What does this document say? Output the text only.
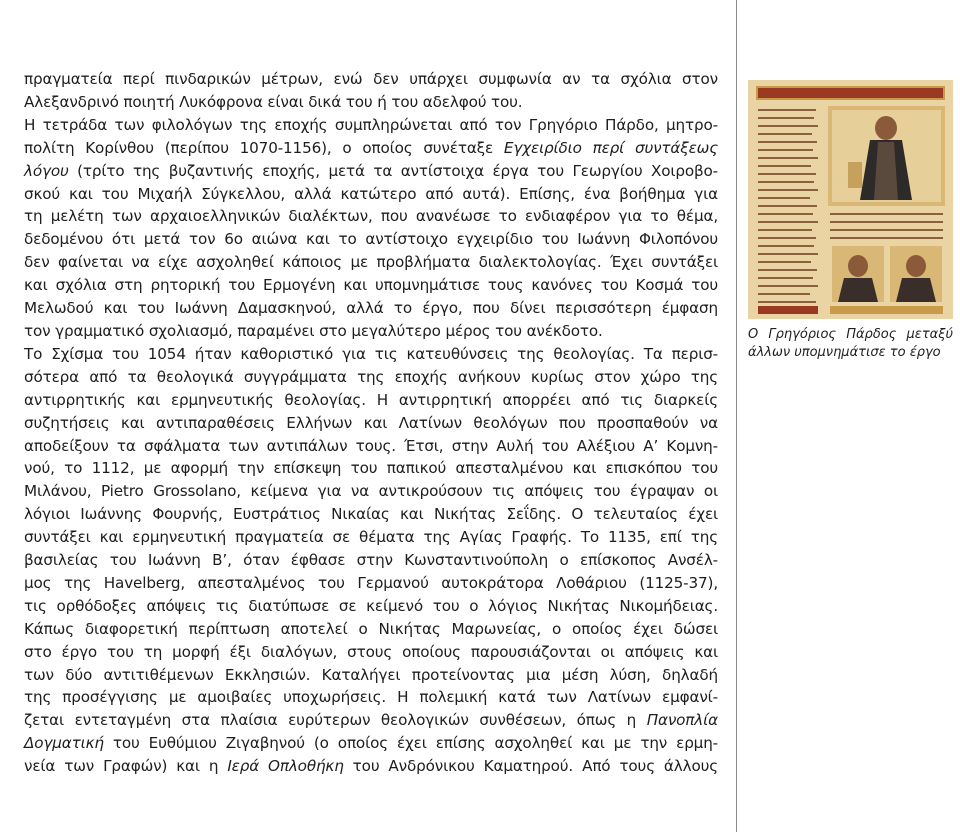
πραγματεία περί πινδαρικών μέτρων, ενώ δεν υπάρχει συμφωνία αν τα σχόλια στον
Αλεξανδρινό ποιητή Λυκόφρονα είναι δικά του ή του αδελφού του.
Η τετράδα των φιλολόγων της εποχής συμπληρώνεται από τον Γρηγόριο Πάρδο, μητρο-
πολίτη Κορίνθου (περίπου 1070-1156), ο οποίος συνέταξε Εγχειρίδιο περί συντάξεως
λόγου (τρίτο της βυζαντινής εποχής, μετά τα αντίστοιχα έργα του Γεωργίου Χοιροβο-
σκού και του Μιχαήλ Σύγκελλου, αλλά κατώτερο από αυτά). Επίσης, ένα βοήθημα για
τη μελέτη των αρχαιοελληνικών διαλέκτων, που ανανέωσε το ενδιαφέρον για το θέμα,
δεδομένου ότι μετά τον 6ο αιώνα και το αντίστοιχο εγχειρίδιο του Ιωάννη Φιλοπόνου
δεν φαίνεται να είχε ασχοληθεί κάποιος με προβλήματα διαλεκτολογίας. Έχει συντάξει
και σχόλια στη ρητορική του Ερμογένη και υπομνημάτισε τους κανόνες του Κοσμά του
Μελωδού και του Ιωάννη Δαμασκηνού, αλλά το έργο, που δίνει περισσότερη έμφαση
τον γραμματικό σχολιασμό, παραμένει στο μεγαλύτερο μέρος του ανέκδοτο.
Το Σχίσμα του 1054 ήταν καθοριστικό για τις κατευθύνσεις της θεολογίας. Τα περισ-
σότερα από τα θεολογικά συγγράμματα της εποχής ανήκουν κυρίως στον χώρο της
αντιρρητικής και ερμηνευτικής θεολογίας. Η αντιρρητική απορρέει από τις διαρκείς
συζητήσεις και αντιπαραθέσεις Ελλήνων και Λατίνων θεολόγων που προσπαθούν να
αποδείξουν τα σφάλματα των αντιπάλων τους. Έτσι, στην Αυλή του Αλέξιου Α’ Κομνη-
νού, το 1112, με αφορμή την επίσκεψη του παπικού απεσταλμένου και επισκόπου του
Μιλάνου, Pietro Grossolano, κείμενα για να αντικρούσουν τις απόψεις του έγραψαν οι
λόγιοι Ιωάννης Φουρνής, Ευστράτιος Νικαίας και Νικήτας Σεΐδης. Ο τελευταίος έχει
συντάξει και ερμηνευτική πραγματεία σε θέματα της Αγίας Γραφής. Το 1135, επί της
βασιλείας του Ιωάννη Β’, όταν έφθασε στην Κωνσταντινούπολη ο επίσκοπος Ανσέλ-
μος της Havelberg, απεσταλμένος του Γερμανού αυτοκράτορα Λοθάριου (1125-37),
τις ορθόδοξες απόψεις τις διατύπωσε σε κείμενό του ο λόγιος Νικήτας Νικομήδειας.
Κάπως διαφορετική περίπτωση αποτελεί ο Νικήτας Μαρωνείας, ο οποίος έχει δώσει
στο έργο του τη μορφή έξι διαλόγων, στους οποίους παρουσιάζονται οι απόψεις και
των δύο αντιτιθέμενων Εκκλησιών. Καταλήγει προτείνοντας μια μέση λύση, δηλαδή
της προσέγγισης με αμοιβαίες υποχωρήσεις. Η πολεμική κατά των Λατίνων εμφανί-
ζεται εντεταγμένη στα πλαίσια ευρύτερων θεολογικών συνθέσεων, όπως η Πανοπλία
Δογματική του Ευθύμιου Ζιγαβηνού (ο οποίος έχει επίσης ασχοληθεί και με την ερμη-
νεία των Γραφών) και η Ιερά Οπλοθήκη του Ανδρόνικου Καματηρού. Από τους άλλους
Ο Γρηγόριος Πάρδος μεταξύ
άλλων υπομνημάτισε το έργο
